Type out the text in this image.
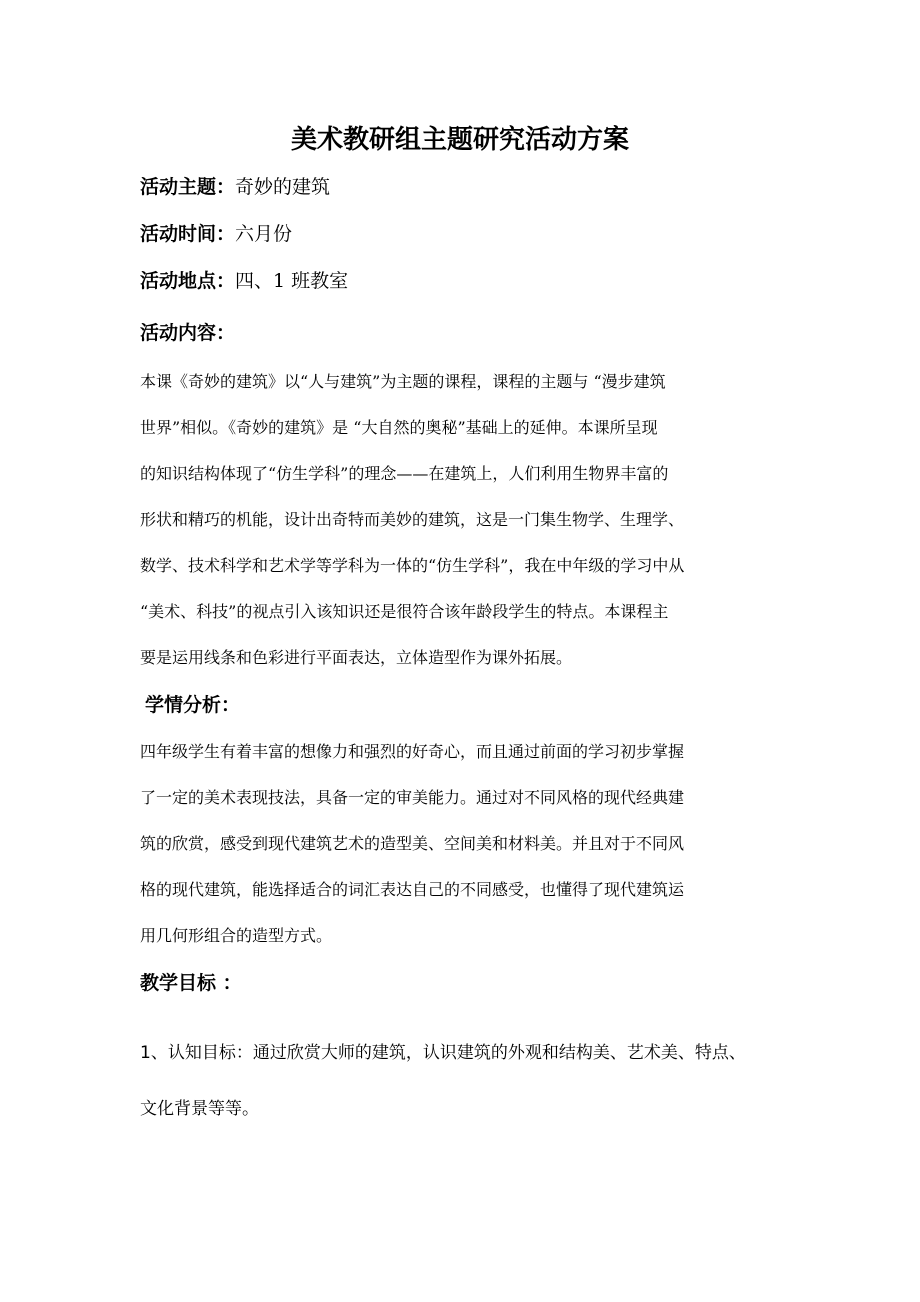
美术教研组主题研究活动方案
活动主题：奇妙的建筑
活动时间：六月份
活动地点：四、1 班教室
活动内容：
本课《奇妙的建筑》以“人与建筑”为主题的课程，课程的主题与 “漫步建筑
世界”相似。《奇妙的建筑》是 “大自然的奥秘”基础上的延伸。本课所呈现
的知识结构体现了“仿生学科”的理念——在建筑上，人们利用生物界丰富的
形状和精巧的机能，设计出奇特而美妙的建筑，这是一门集生物学、生理学、
数学、技术科学和艺术学等学科为一体的“仿生学科”，我在中年级的学习中从
“美术、科技”的视点引入该知识还是很符合该年龄段学生的特点。本课程主
要是运用线条和色彩进行平面表达，立体造型作为课外拓展。
学情分析：
四年级学生有着丰富的想像力和强烈的好奇心，而且通过前面的学习初步掌握
了一定的美术表现技法，具备一定的审美能力。通过对不同风格的现代经典建
筑的欣赏，感受到现代建筑艺术的造型美、空间美和材料美。并且对于不同风
格的现代建筑，能选择适合的词汇表达自己的不同感受，也懂得了现代建筑运
用几何形组合的造型方式。
教学目标 ：
1、认知目标：通过欣赏大师的建筑，认识建筑的外观和结构美、艺术美、特点、
文化背景等等。
